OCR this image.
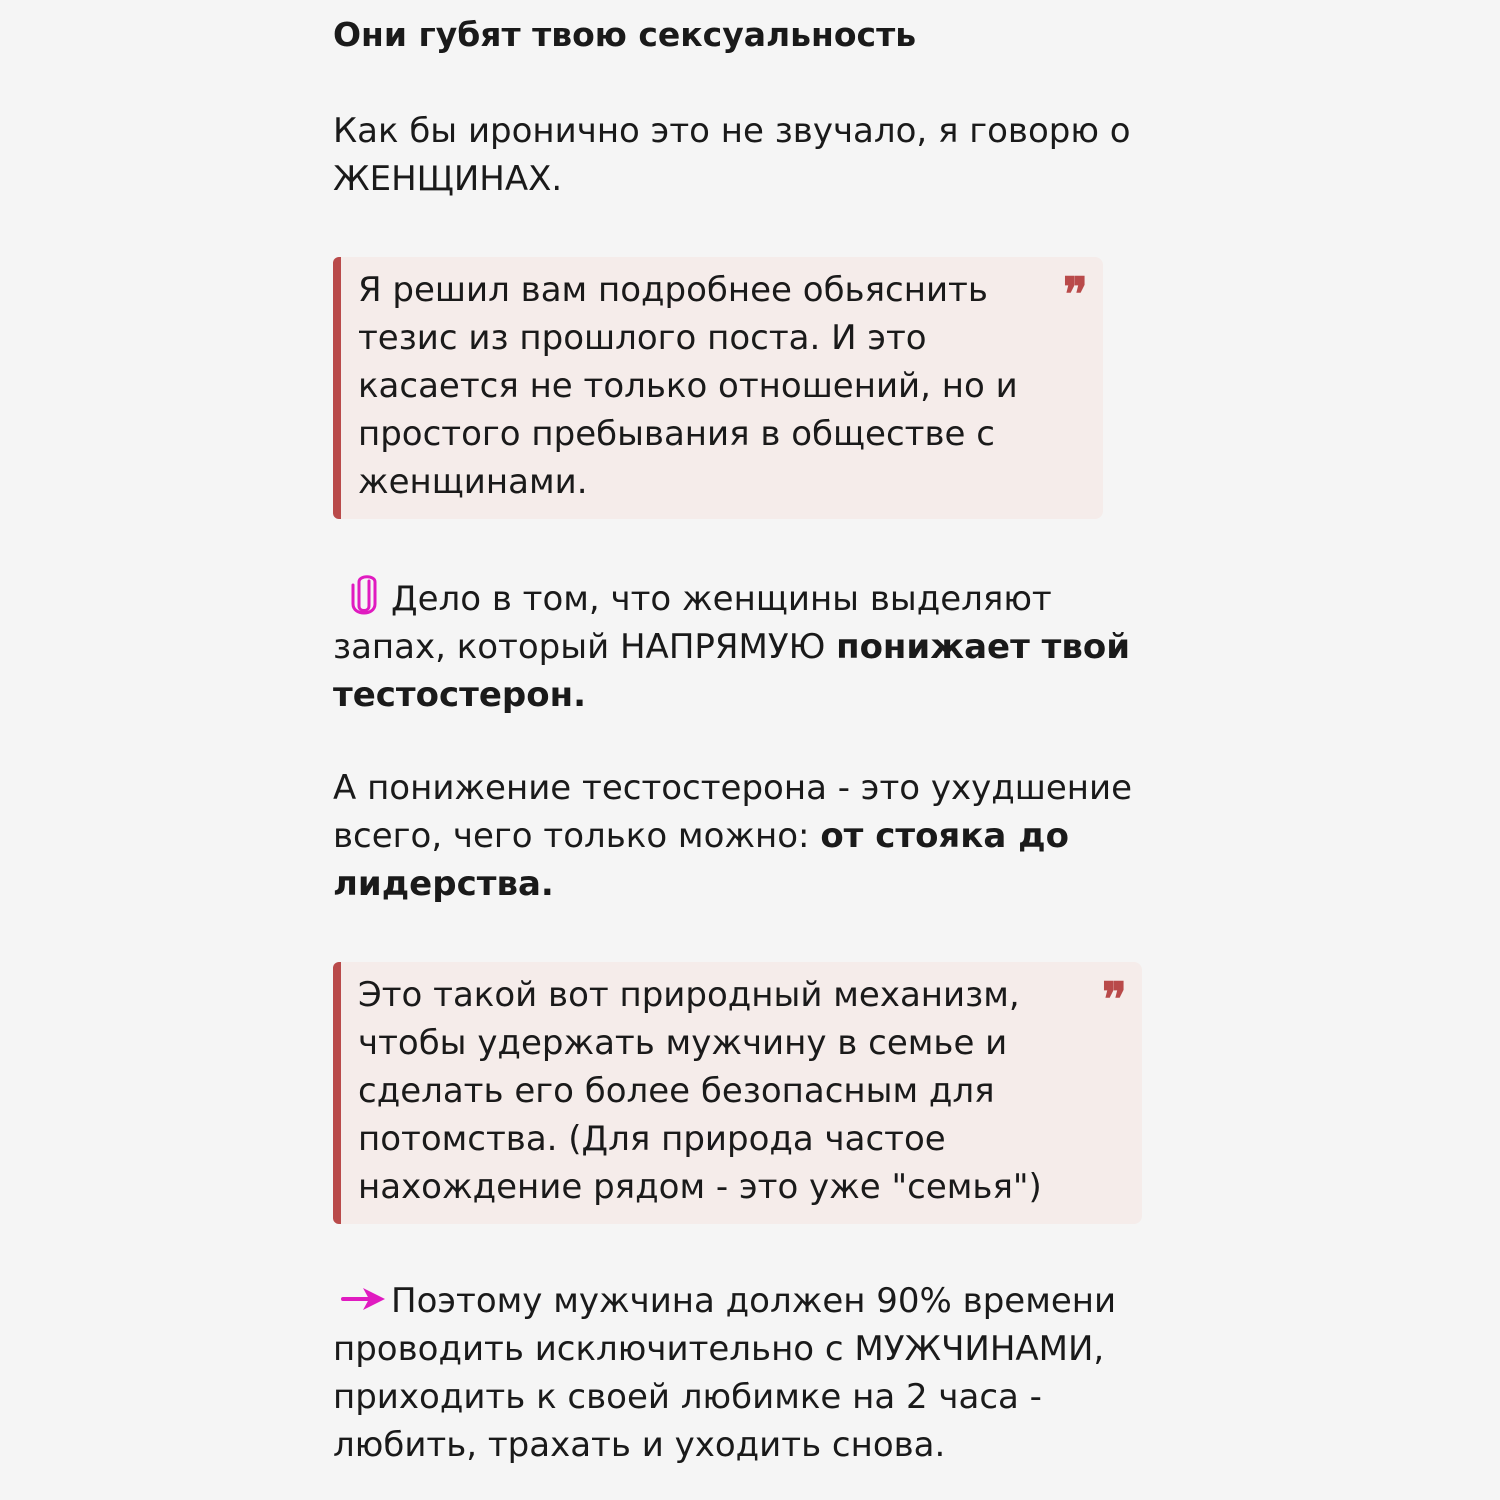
Они губят твою сексуальность
Как бы иронично это не звучало, я говорю о
ЖЕНЩИНАХ.
Я решил вам подробнее обьяснить
тезис из прошлого поста. И это
касается не только отношений, но и
простого пребывания в обществе с
женщинами.
❞
Дело в том, что женщины выделяют
запах, который НАПРЯМУЮ понижает твой
тестостерон.
А понижение тестостерона - это ухудшение
всего, чего только можно: от стояка до
лидерства.
Это такой вот природный механизм,
чтобы удержать мужчину в семье и
сделать его более безопасным для
потомства. (Для природа частое
нахождение рядом - это уже "семья")
❞
Поэтому мужчина должен 90% времени
проводить исключительно с МУЖЧИНАМИ,
приходить к своей любимке на 2 часа -
любить, трахать и уходить снова.
